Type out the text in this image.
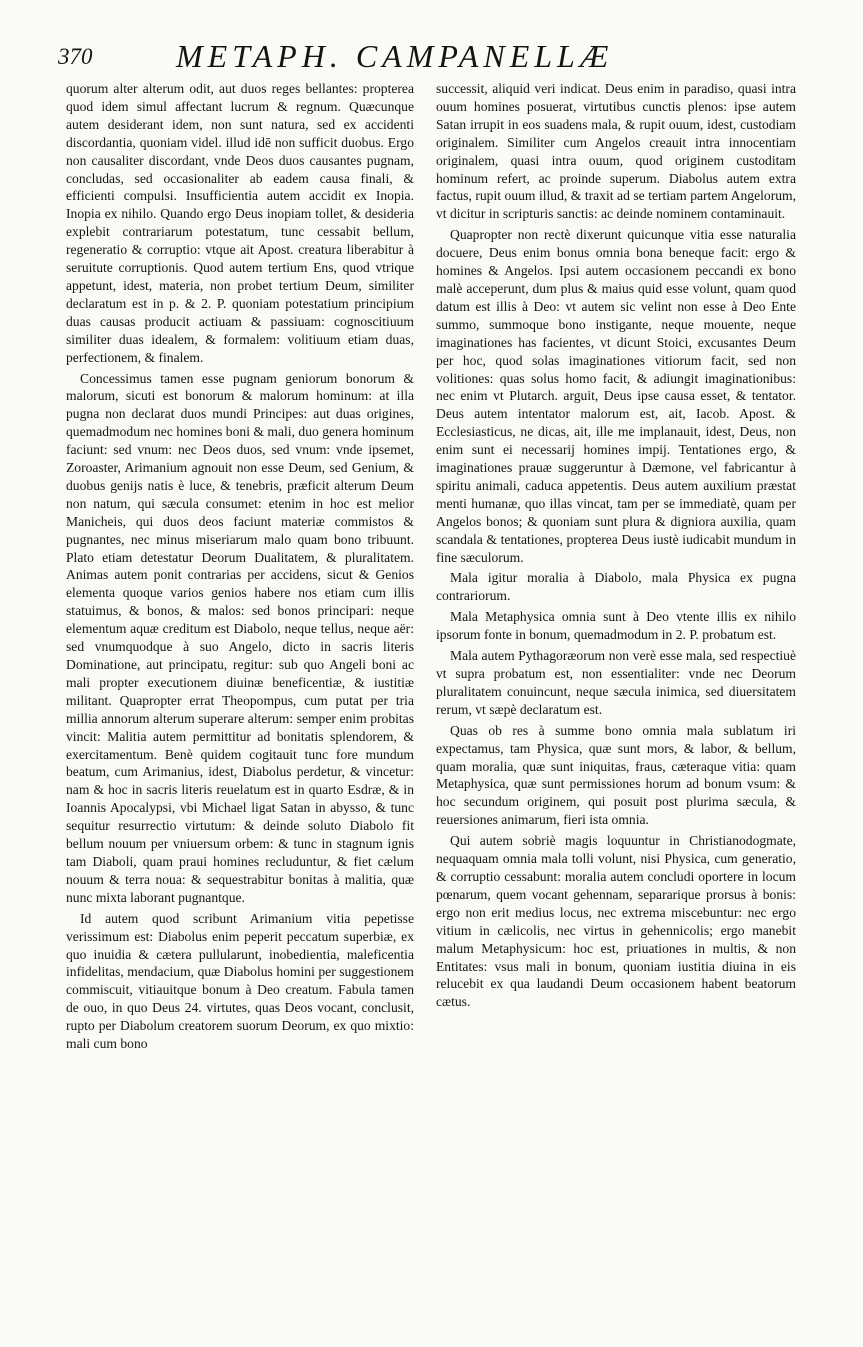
370	METAPH. CAMPANELLÆ

quorum alter alterum odit, aut duos reges bellantes: propterea quod idem simul affectant lucrum & regnum. Quæcunque autem desiderant idem, non sunt natura, sed ex accidenti discordantia, quoniam videl. illud idē non sufficit duobus. Ergo non causaliter discordant, vnde Deos duos causantes pugnam, concludas, sed occasionaliter ab eadem causa finali, & efficienti compulsi. Insufficientia autem accidit ex Inopia. Inopia ex nihilo. Quando ergo Deus inopiam tollet, & desideria explebit contrariarum potestatum, tunc cessabit bellum, regeneratio & corruptio: vtque ait Apost. creatura liberabitur à seruitute corruptionis. Quod autem tertium Ens, quod vtrique appetunt, idest, materia, non probet tertium Deum, similiter declaratum est in p. & 2. P. quoniam potestatium principium duas causas producit actiuam & passiuam: cognoscitiuum similiter duas idealem, & formalem: volitiuum etiam duas, perfectionem, & finalem.

Concessimus tamen esse pugnam geniorum bonorum & malorum, sicuti est bonorum & malorum hominum: at illa pugna non declarat duos mundi Principes: aut duas origines, quemadmodum nec homines boni & mali, duo genera hominum faciunt: sed vnum: nec Deos duos, sed vnum: vnde ipsemet, Zoroaster, Arimanium agnouit non esse Deum, sed Genium, & duobus genijs natis è luce, & tenebris, præficit alterum Deum non natum, qui sæcula consumet: etenim in hoc est melior Manicheis, qui duos deos faciunt materiæ commistos & pugnantes, nec minus miseriarum malo quam bono tribuunt. Plato etiam detestatur Deorum Dualitatem, & pluralitatem. Animas autem ponit contrarias per accidens, sicut & Genios elementa quoque varios genios habere nos etiam cum illis statuimus, & bonos, & malos: sed bonos principari: neque elementum aquæ creditum est Diabolo, neque tellus, neque aër: sed vnumquodque à suo Angelo, dicto in sacris literis Dominatione, aut principatu, regitur: sub quo Angeli boni ac mali propter executionem diuinæ beneficentiæ, & iustitiæ militant. Quapropter errat Theopompus, cum putat per tria millia annorum alterum superare alterum: semper enim probitas vincit: Malitia autem permittitur ad bonitatis splendorem, & exercitamentum. Benè quidem cogitauit tunc fore mundum beatum, cum Arimanius, idest, Diabolus perdetur, & vincetur: nam & hoc in sacris literis reuelatum est in quarto Esdræ, & in Ioannis Apocalypsi, vbi Michael ligat Satan in abysso, & tunc sequitur resurrectio virtutum: & deinde soluto Diabolo fit bellum nouum per vniuersum orbem: & tunc in stagnum ignis tam Diaboli, quam praui homines recluduntur, & fiet cælum nouum & terra noua: & sequestrabitur bonitas à malitia, quæ nunc mixta laborant pugnantque.

Id autem quod scribunt Arimanium vitia pepetisse verissimum est: Diabolus enim peperit peccatum superbiæ, ex quo inuidia & cætera pullularunt, inobedientia, maleficentia infidelitas, mendacium, quæ Diabolus homini per suggestionem commiscuit, vitiauitque bonum à Deo creatum. Fabula tamen de ouo, in quo Deus 24. virtutes, quas Deos vocant, conclusit, rupto per Diabolum creatorem suorum Deorum, ex quo mixtio: mali cum bono

successit, aliquid veri indicat. Deus enim in paradiso, quasi intra ouum homines posuerat, virtutibus cunctis plenos: ipse autem Satan irrupit in eos suadens mala, & rupit ouum, idest, custodiam originalem. Similiter cum Angelos creauit intra innocentiam originalem, quasi intra ouum, quod originem custoditam hominum refert, ac proinde superum. Diabolus autem extra factus, rupit ouum illud, & traxit ad se tertiam partem Angelorum, vt dicitur in scripturis sanctis: ac deinde nominem contaminauit.

Quapropter non rectè dixerunt quicunque vitia esse naturalia docuere, Deus enim bonus omnia bona beneque facit: ergo & homines & Angelos. Ipsi autem occasionem peccandi ex bono malè acceperunt, dum plus & maius quid esse volunt, quam quod datum est illis à Deo: vt autem sic velint non esse à Deo Ente summo, summoque bono instigante, neque mouente, neque imaginationes has facientes, vt dicunt Stoici, excusantes Deum per hoc, quod solas imaginationes vitiorum facit, sed non volitiones: quas solus homo facit, & adiungit imaginationibus: nec enim vt Plutarch. arguit, Deus ipse causa esset, & tentator. Deus autem intentator malorum est, ait, Iacob. Apost. & Ecclesiasticus, ne dicas, ait, ille me implanauit, idest, Deus, non enim sunt ei necessarij homines impij. Tentationes ergo, & imaginationes prauæ suggeruntur à Dæmone, vel fabricantur à spiritu animali, caduca appetentis. Deus autem auxilium præstat menti humanæ, quo illas vincat, tam per se immediatè, quam per Angelos bonos; & quoniam sunt plura & digniora auxilia, quam scandala & tentationes, propterea Deus iustè iudicabit mundum in fine sæculorum.

Mala igitur moralia à Diabolo, mala Physica ex pugna contrariorum.

Mala Metaphysica omnia sunt à Deo vtente illis ex nihilo ipsorum fonte in bonum, quemadmodum in 2. P. probatum est.

Mala autem Pythagoræorum non verè esse mala, sed respectiuè vt supra probatum est, non essentialiter: vnde nec Deorum pluralitatem conuincunt, neque sæcula inimica, sed diuersitatem rerum, vt sæpè declaratum est.

Quas ob res à summe bono omnia mala sublatum iri expectamus, tam Physica, quæ sunt mors, & labor, & bellum, quam moralia, quæ sunt iniquitas, fraus, cæteraque vitia: quam Metaphysica, quæ sunt permissiones horum ad bonum vsum: & hoc secundum originem, qui posuit post plurima sæcula, & reuersiones animarum, fieri ista omnia.

Qui autem sobriè magis loquuntur in Christianodogmate, nequaquam omnia mala tolli volunt, nisi Physica, cum generatio, & corruptio cessabunt: moralia autem concludi oportere in locum pœnarum, quem vocant gehennam, separarique prorsus à bonis: ergo non erit medius locus, nec extrema miscebuntur: nec ergo vitium in cælicolis, nec virtus in gehennicolis; ergo manebit malum Metaphysicum: hoc est, priuationes in multis, & non Entitates: vsus mali in bonum, quoniam iustitia diuina in eis relucebit ex qua laudandi Deum occasionem habent beatorum cætus.
